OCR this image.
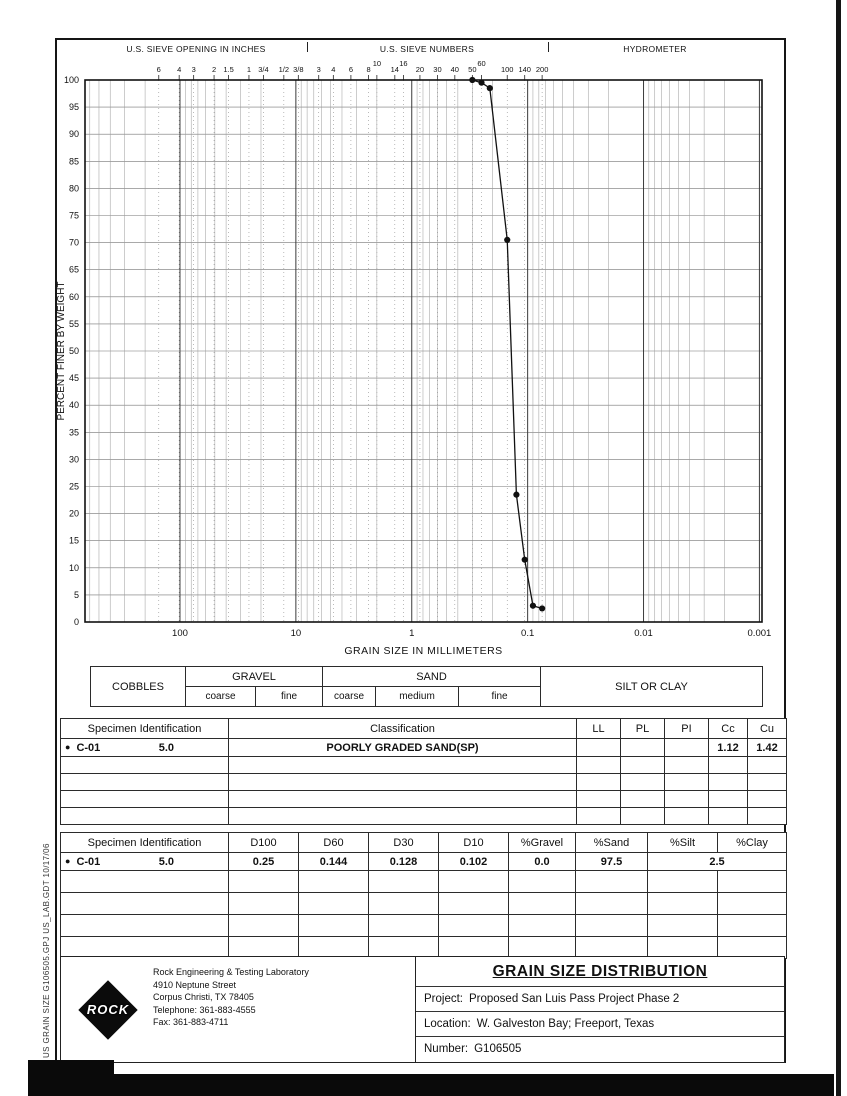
U.S. SIEVE OPENING IN INCHES	U.S. SIEVE NUMBERS	HYDROMETER
0
5
10
15
20
25
30
35
40
45
50
55
60
65
70
75
80
85
90
95
100
100	10	1	0.1	0.01	0.001
6 4 3 2 1.5 1 3/4 1/2 3/8 3 4 6 8
10
14
16
20 30 40 50
60
100 140 200
PERCENT FINER BY WEIGHT
GRAIN SIZE IN MILLIMETERS
COBBLES	GRAVEL		SAND			SILT OR CLAY
	coarse	fine	coarse	medium	fine	
Specimen Identification	Classification	LL	PL	PI	Cc	Cu

● C-01 5.0	POORLY GRADED SAND(SP)				1.12	1.42

Specimen Identification	D100	D60	D30	D10	%Gravel	%Sand	%Silt	%Clay

● C-01 5.0	0.25	0.144	0.128	0.102	0.0	97.5	2.5	

ROCK
Rock Engineering & Testing Laboratory
4910 Neptune Street
Corpus Christi, TX 78405
Telephone: 361-883-4555
Fax: 361-883-4711
GRAIN SIZE DISTRIBUTION
Project: Proposed San Luis Pass Project Phase 2
Location: W. Galveston Bay; Freeport, Texas
Number: G106505
US GRAIN SIZE G106505.GPJ US_LAB.GDT 10/17/06
